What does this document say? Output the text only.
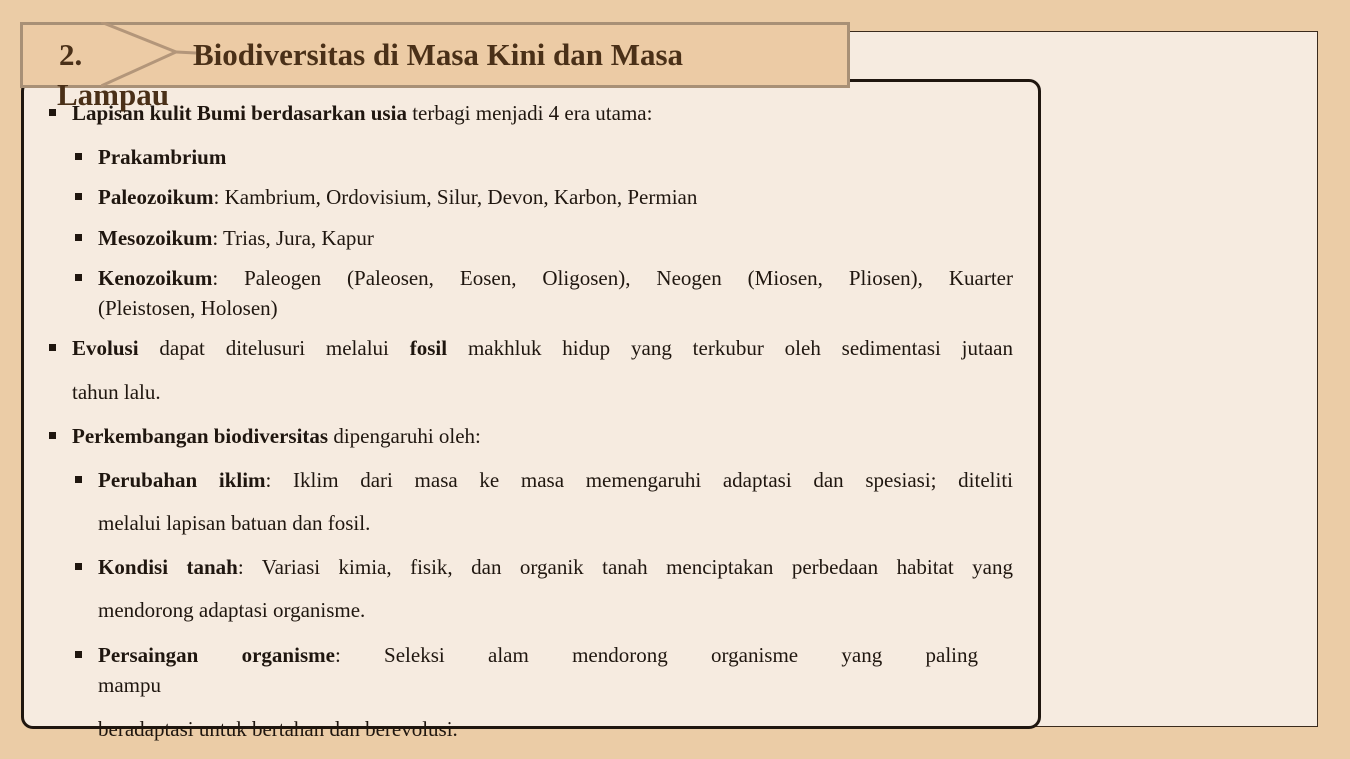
2.	Biodiversitas di Masa Kini dan Masa
Lampau
Lapisan kulit Bumi berdasarkan usia terbagi menjadi 4 era utama:
Prakambrium
Paleozoikum: Kambrium, Ordovisium, Silur, Devon, Karbon, Permian
Mesozoikum: Trias, Jura, Kapur
Kenozoikum: Paleogen (Paleosen, Eosen, Oligosen), Neogen (Miosen, Pliosen), Kuarter
(Pleistosen, Holosen)
Evolusi dapat ditelusuri melalui fosil makhluk hidup yang terkubur oleh sedimentasi jutaan
tahun lalu.
Perkembangan biodiversitas dipengaruhi oleh:
Perubahan iklim: Iklim dari masa ke masa memengaruhi adaptasi dan spesiasi; diteliti
melalui lapisan batuan dan fosil.
Kondisi tanah: Variasi kimia, fisik, dan organik tanah menciptakan perbedaan habitat yang
mendorong adaptasi organisme.
Persaingan organisme: Seleksi alam mendorong organisme yang paling
mampu
beradaptasi untuk bertahan dan berevolusi.
